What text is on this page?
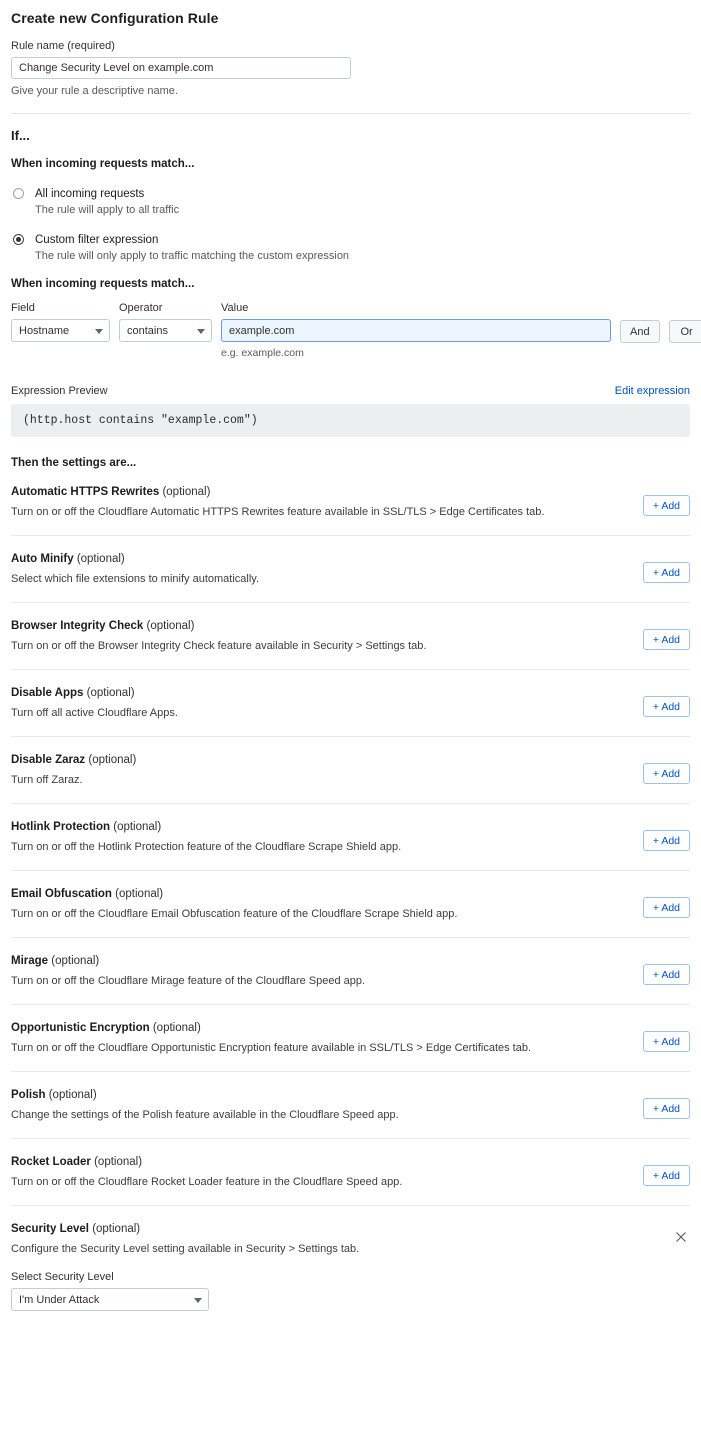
Create new Configuration Rule
Rule name (required)
Change Security Level on example.com
Give your rule a descriptive name.
If...
When incoming requests match...
All incoming requests
The rule will apply to all traffic
Custom filter expression
The rule will only apply to traffic matching the custom expression
When incoming requests match...
Field
Hostname
Operator
contains
Value
example.com
e.g. example.com
And	Or
Expression Preview	Edit expression
(http.host contains "example.com")
Then the settings are...
Automatic HTTPS Rewrites (optional)
Turn on or off the Cloudflare Automatic HTTPS Rewrites feature available in SSL/TLS > Edge Certificates tab.
+ Add
Auto Minify (optional)
Select which file extensions to minify automatically.
+ Add
Browser Integrity Check (optional)
Turn on or off the Browser Integrity Check feature available in Security > Settings tab.
+ Add
Disable Apps (optional)
Turn off all active Cloudflare Apps.
+ Add
Disable Zaraz (optional)
Turn off Zaraz.
+ Add
Hotlink Protection (optional)
Turn on or off the Hotlink Protection feature of the Cloudflare Scrape Shield app.
+ Add
Email Obfuscation (optional)
Turn on or off the Cloudflare Email Obfuscation feature of the Cloudflare Scrape Shield app.
+ Add
Mirage (optional)
Turn on or off the Cloudflare Mirage feature of the Cloudflare Speed app.
+ Add
Opportunistic Encryption (optional)
Turn on or off the Cloudflare Opportunistic Encryption feature available in SSL/TLS > Edge Certificates tab.
+ Add
Polish (optional)
Change the settings of the Polish feature available in the Cloudflare Speed app.
+ Add
Rocket Loader (optional)
Turn on or off the Cloudflare Rocket Loader feature in the Cloudflare Speed app.
+ Add
Security Level (optional)
Configure the Security Level setting available in Security > Settings tab.
Select Security Level
I'm Under Attack
